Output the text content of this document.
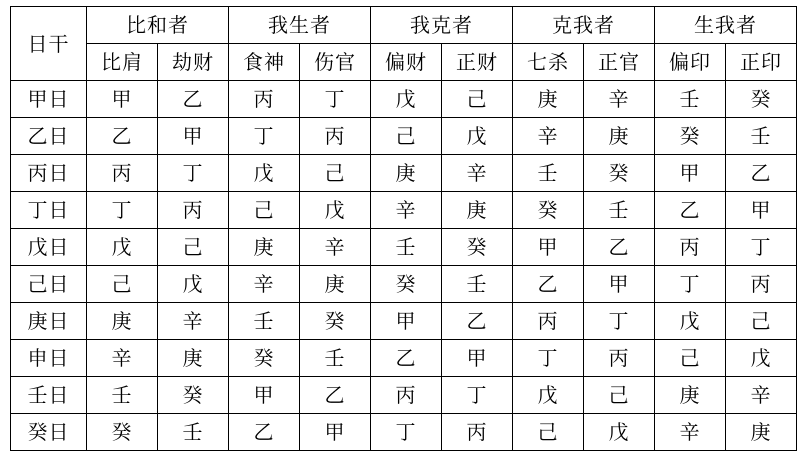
日干	比和者		我生者		我克者		克我者		生我者	
	比肩	劫财	食神	伤官	偏财	正财	七杀	正官	偏印	正印
甲日	甲	乙	丙	丁	戊	己	庚	辛	壬	癸
乙日	乙	甲	丁	丙	己	戊	辛	庚	癸	壬
丙日	丙	丁	戊	己	庚	辛	壬	癸	甲	乙
丁日	丁	丙	己	戊	辛	庚	癸	壬	乙	甲
戊日	戊	己	庚	辛	壬	癸	甲	乙	丙	丁
己日	己	戊	辛	庚	癸	壬	乙	甲	丁	丙
庚日	庚	辛	壬	癸	甲	乙	丙	丁	戊	己
申日	辛	庚	癸	壬	乙	甲	丁	丙	己	戊
壬日	壬	癸	甲	乙	丙	丁	戊	己	庚	辛
癸日	癸	壬	乙	甲	丁	丙	己	戊	辛	庚
